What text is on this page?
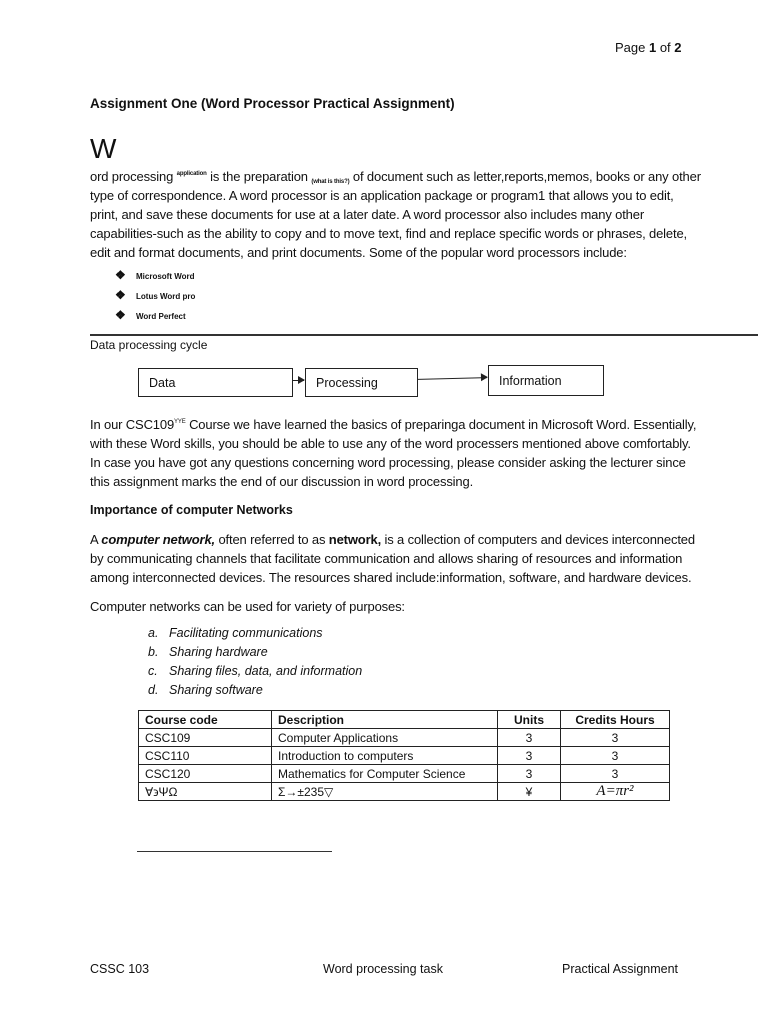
Page 1 of 2
Assignment One (Word Processor Practical Assignment)
W

ord processing $^{application}$ is the preparation $_{(what is this?)}$ of document such as letter,reports,memos, books or any other type of correspondence. A word processor is an application package or program1 that allows you to edit, print, and save these documents for use at a later date. A word processor also includes many other capabilities-such as the ability to copy and to move text, find and replace specific words or phrases, delete, edit and format documents, and print documents. Some of the popular word processors include:

❖ Microsoft Word
❖ Lotus Word pro
❖ Word Perfect
Data processing cycle
Data	Processing	Information

In our $CSC109^{YYE}$ Course we have learned the basics of preparinga document in Microsoft Word. Essentially, with these Word skills, you should be able to use any of the word processers mentioned above comfortably. In case you have got any questions concerning word processing, please consider asking the lecturer since this assignment marks the end of our discussion in word processing.

Importance of computer Networks

A computer network, often referred to as network, is a collection of computers and devices interconnected by communicating channels that facilitate communication and allows sharing of resources and information among interconnected devices. The resources shared include:information, software, and hardware devices.

Computer networks can be used for variety of purposes:

a. Facilitating communications
b. Sharing hardware
c. Sharing files, data, and information
d. Sharing software
Course code	Description	Units	Credits Hours
CSC109	Computer Applications	3	3
CSC110	Introduction to computers	3	3
CSC120	Mathematics for Computer Science	3	3
∀϶ΨΩ	Σ→±235▽	¥	A=πr²
CSSC 103	Word processing task	Practical Assignment
